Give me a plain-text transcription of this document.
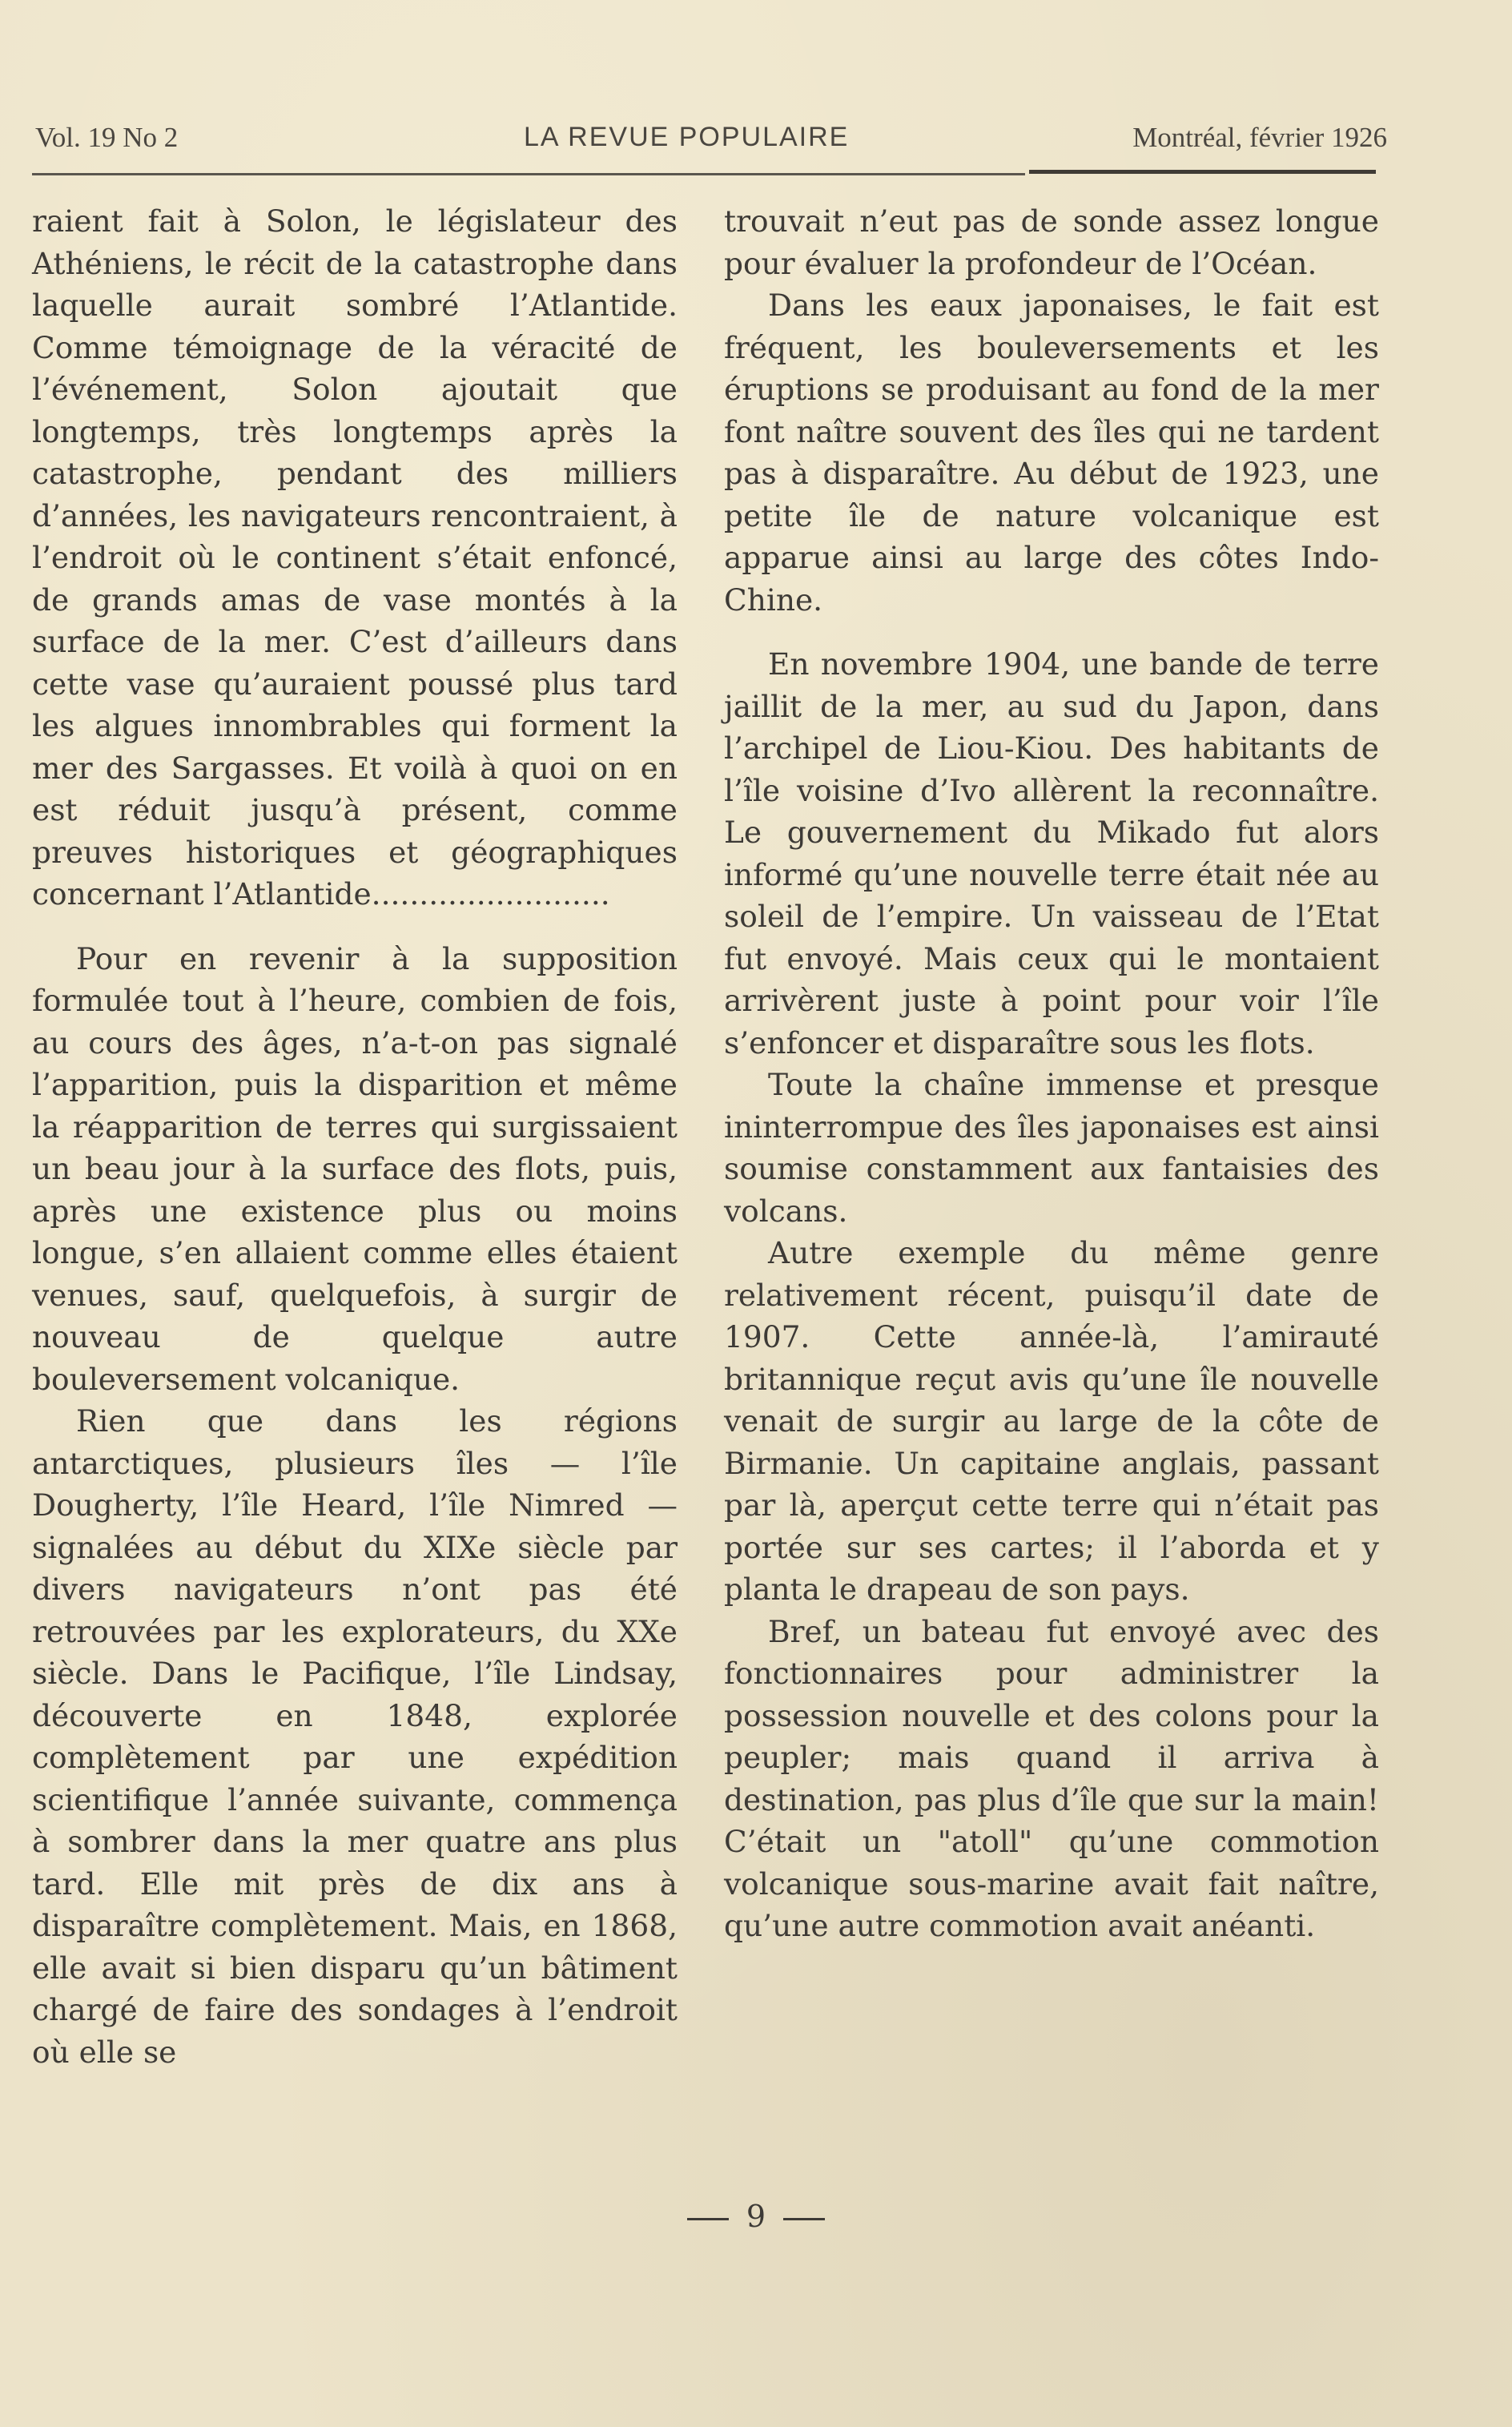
Vol. 19 No 2	LA REVUE POPULAIRE	Montréal, février 1926

raient fait à Solon, le législateur des Athéniens, le récit de la catastrophe dans laquelle aurait sombré l’Atlantide. Comme témoignage de la véracité de l’événement, Solon ajoutait que longtemps, très longtemps après la catastrophe, pendant des milliers d’années, les navigateurs rencontraient, à l’endroit où le continent s’était enfoncé, de grands amas de vase montés à la surface de la mer. C’est d’ailleurs dans cette vase qu’auraient poussé plus tard les algues innombrables qui forment la mer des Sargasses. Et voilà à quoi on en est réduit jusqu’à présent, comme preuves historiques et géographiques concernant l’Atlantide.........................

Pour en revenir à la supposition formulée tout à l’heure, combien de fois, au cours des âges, n’a-t-on pas signalé l’apparition, puis la disparition et même la réapparition de terres qui surgissaient un beau jour à la surface des flots, puis, après une existence plus ou moins longue, s’en allaient comme elles étaient venues, sauf, quelquefois, à surgir de nouveau de quelque autre bouleversement volcanique.

Rien que dans les régions antarctiques, plusieurs îles — l’île Dougherty, l’île Heard, l’île Nimred — signalées au début du XIXe siècle par divers navigateurs n’ont pas été retrouvées par les explorateurs, du XXe siècle. Dans le Pacifique, l’île Lindsay, découverte en 1848, explorée complètement par une expédition scientifique l’année suivante, commença à sombrer dans la mer quatre ans plus tard. Elle mit près de dix ans à disparaître complètement. Mais, en 1868, elle avait si bien disparu qu’un bâtiment chargé de faire des sondages à l’endroit où elle se

trouvait n’eut pas de sonde assez longue pour évaluer la profondeur de l’Océan.

Dans les eaux japonaises, le fait est fréquent, les bouleversements et les éruptions se produisant au fond de la mer font naître souvent des îles qui ne tardent pas à disparaître. Au début de 1923, une petite île de nature volcanique est apparue ainsi au large des côtes Indo-Chine.

En novembre 1904, une bande de terre jaillit de la mer, au sud du Japon, dans l’archipel de Liou-Kiou. Des habitants de l’île voisine d’Ivo allèrent la reconnaître. Le gouvernement du Mikado fut alors informé qu’une nouvelle terre était née au soleil de l’empire. Un vaisseau de l’Etat fut envoyé. Mais ceux qui le montaient arrivèrent juste à point pour voir l’île s’enfoncer et disparaître sous les flots.

Toute la chaîne immense et presque ininterrompue des îles japonaises est ainsi soumise constamment aux fantaisies des volcans.

Autre exemple du même genre relativement récent, puisqu’il date de 1907. Cette année-là, l’amirauté britannique reçut avis qu’une île nouvelle venait de surgir au large de la côte de Birmanie. Un capitaine anglais, passant par là, aperçut cette terre qui n’était pas portée sur ses cartes; il l’aborda et y planta le drapeau de son pays.

Bref, un bateau fut envoyé avec des fonctionnaires pour administrer la possession nouvelle et des colons pour la peupler; mais quand il arriva à destination, pas plus d’île que sur la main! C’était un "atoll" qu’une commotion volcanique sous-marine avait fait naître, qu’une autre commotion avait anéanti.

9
